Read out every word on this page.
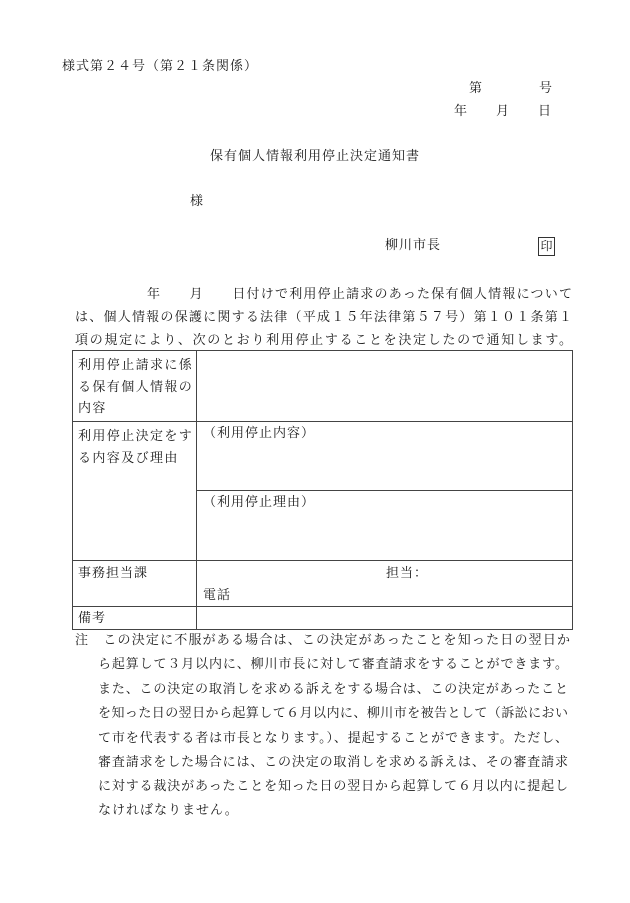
様式第２４号（第２１条関係）
第　　　　号
年　　月　　日
保有個人情報利用停止決定通知書
様
柳川市長	印
年　　月　　日付けで利用停止請求のあった保有個人情報について
は、個人情報の保護に関する法律（平成１５年法律第５７号）第１０１条第１
項の規定により、次のとおり利用停止することを決定したので通知します。
利用停止請求に係
る保有個人情報の
内容
利用停止決定をす
る内容及び理由
（利用停止内容）
（利用停止理由）
事務担当課	担当：
電話
備考
注　この決定に不服がある場合は、この決定があったことを知った日の翌日か
ら起算して３月以内に、柳川市長に対して審査請求をすることができます。
また、この決定の取消しを求める訴えをする場合は、この決定があったこと
を知った日の翌日から起算して６月以内に、柳川市を被告として（訴訟におい
て市を代表する者は市長となります。）、提起することができます。ただし、
審査請求をした場合には、この決定の取消しを求める訴えは、その審査請求
に対する裁決があったことを知った日の翌日から起算して６月以内に提起し
なければなりません。
